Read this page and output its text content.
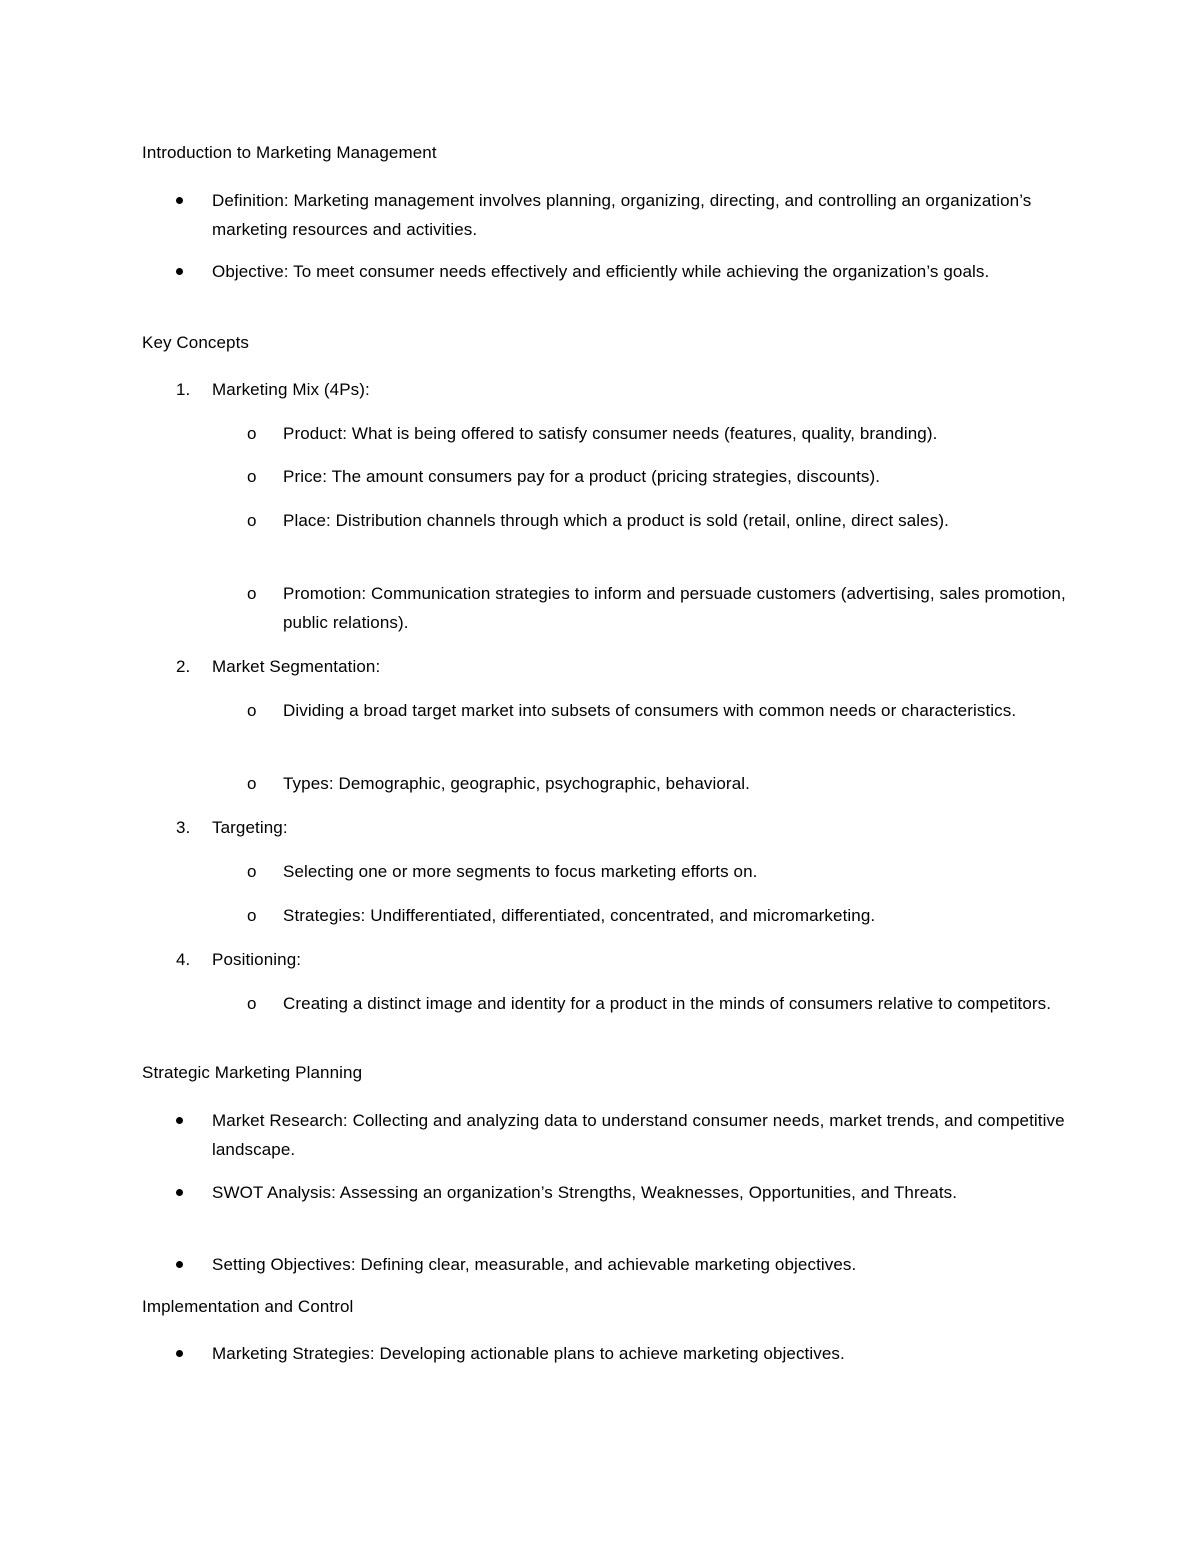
Introduction to Marketing Management
Definition: Marketing management involves planning, organizing, directing, and controlling an organization’s marketing resources and activities.
Objective: To meet consumer needs effectively and efficiently while achieving the organization’s goals.
Key Concepts
1. Marketing Mix (4Ps):
o Product: What is being offered to satisfy consumer needs (features, quality, branding).
o Price: The amount consumers pay for a product (pricing strategies, discounts).
o Place: Distribution channels through which a product is sold (retail, online, direct sales).
o Promotion: Communication strategies to inform and persuade customers (advertising, sales promotion, public relations).
2. Market Segmentation:
o Dividing a broad target market into subsets of consumers with common needs or characteristics.
o Types: Demographic, geographic, psychographic, behavioral.
3. Targeting:
o Selecting one or more segments to focus marketing efforts on.
o Strategies: Undifferentiated, differentiated, concentrated, and micromarketing.
4. Positioning:
o Creating a distinct image and identity for a product in the minds of consumers relative to competitors.
Strategic Marketing Planning
Market Research: Collecting and analyzing data to understand consumer needs, market trends, and competitive landscape.
SWOT Analysis: Assessing an organization’s Strengths, Weaknesses, Opportunities, and Threats.
Setting Objectives: Defining clear, measurable, and achievable marketing objectives.
Implementation and Control
Marketing Strategies: Developing actionable plans to achieve marketing objectives.
